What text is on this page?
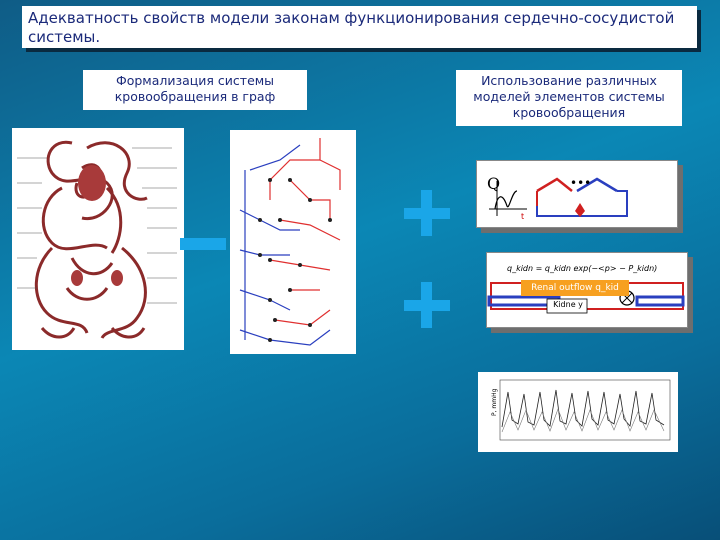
Адекватность свойств модели законам функционирования сердечно-сосудистой системы.
Формализация системы кровообращения в граф
Использование различных моделей элементов системы кровообращения
Q
t
•••
q_kidn = q_kidn exp(−<p> − P_kidn)
Renal outflow q_kid
Kidne y
P, mmHg
